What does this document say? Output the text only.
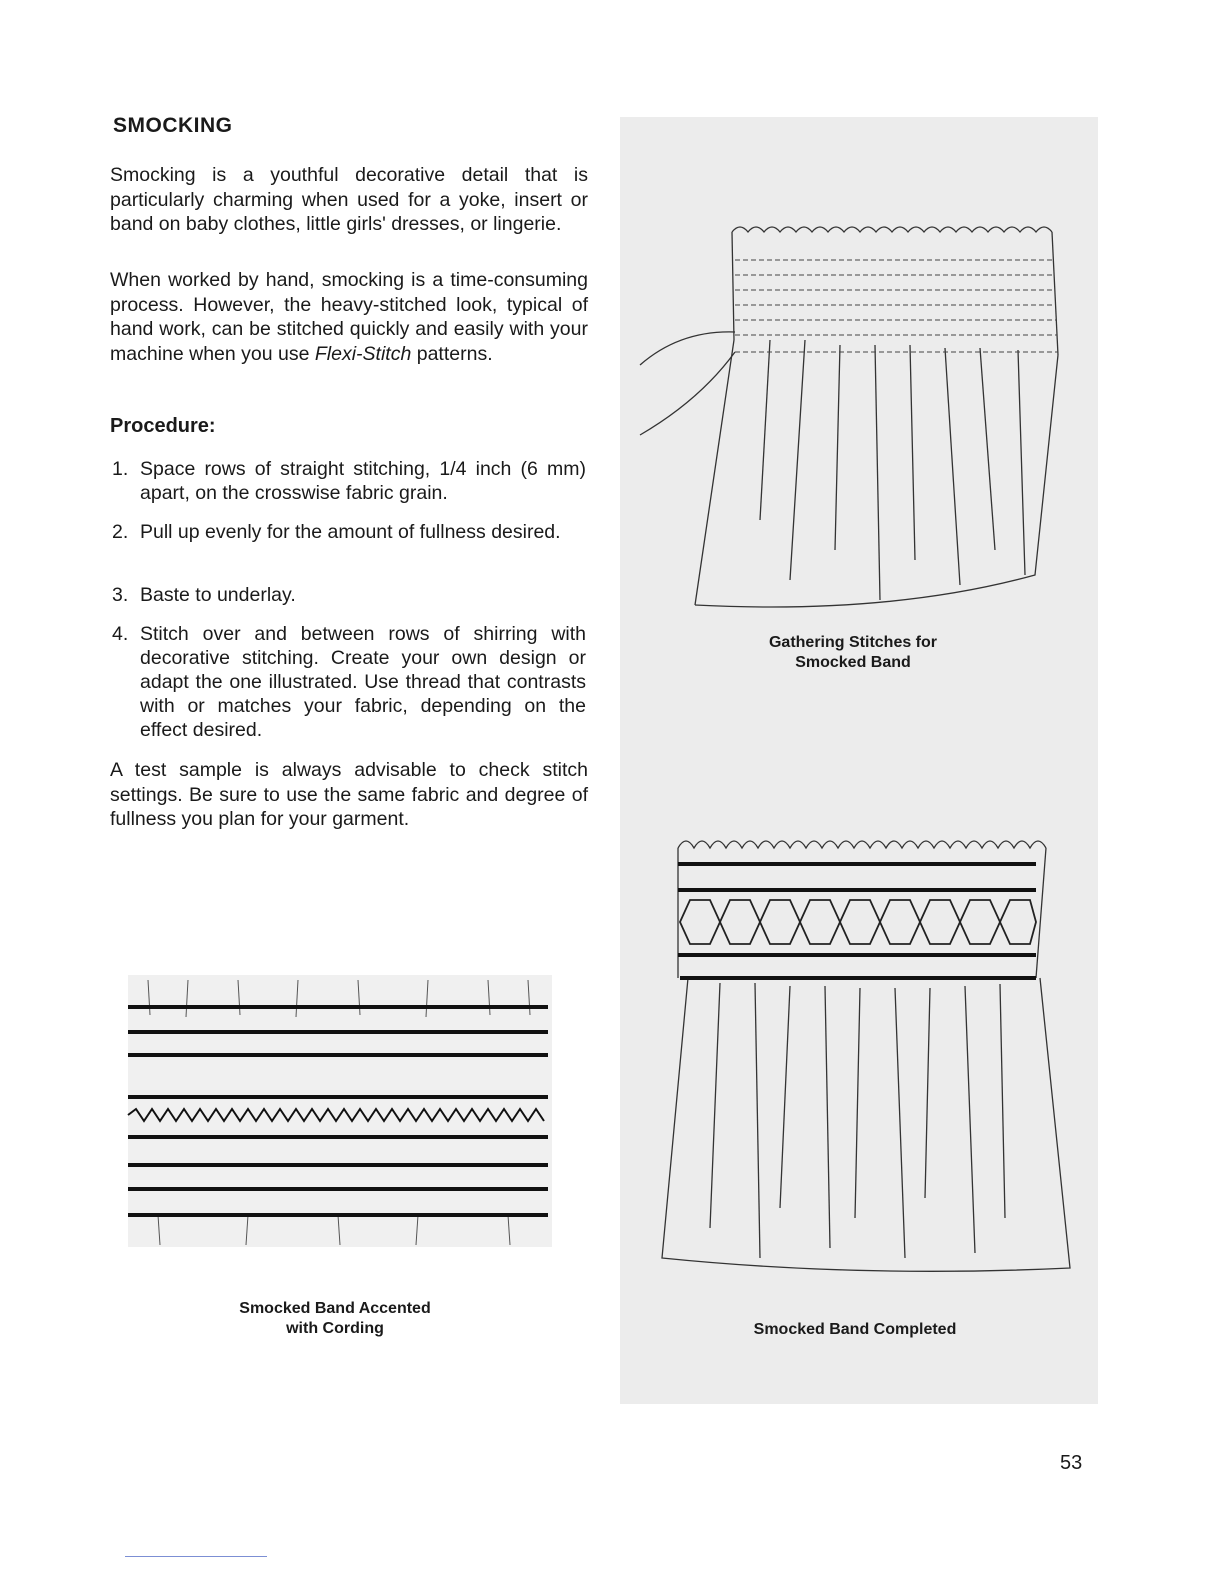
SMOCKING

Smocking is a youthful decorative detail that is particularly charming when used for a yoke, insert or band on baby clothes, little girls' dresses, or lingerie.

When worked by hand, smocking is a time-consuming process. However, the heavy-stitched look, typical of hand work, can be stitched quickly and easily with your machine when you use Flexi-Stitch patterns.

Procedure:
1. Space rows of straight stitching, 1/4 inch (6 mm) apart, on the crosswise fabric grain.
2. Pull up evenly for the amount of fullness desired.
3. Baste to underlay.
4. Stitch over and between rows of shirring with decorative stitching. Create your own design or adapt the one illustrated. Use thread that contrasts with or matches your fabric, depending on the effect desired.

A test sample is always advisable to check stitch settings. Be sure to use the same fabric and degree of fullness you plan for your garment.

Gathering Stitches for
Smocked Band
Smocked Band Completed
Smocked Band Accented
with Cording
53
